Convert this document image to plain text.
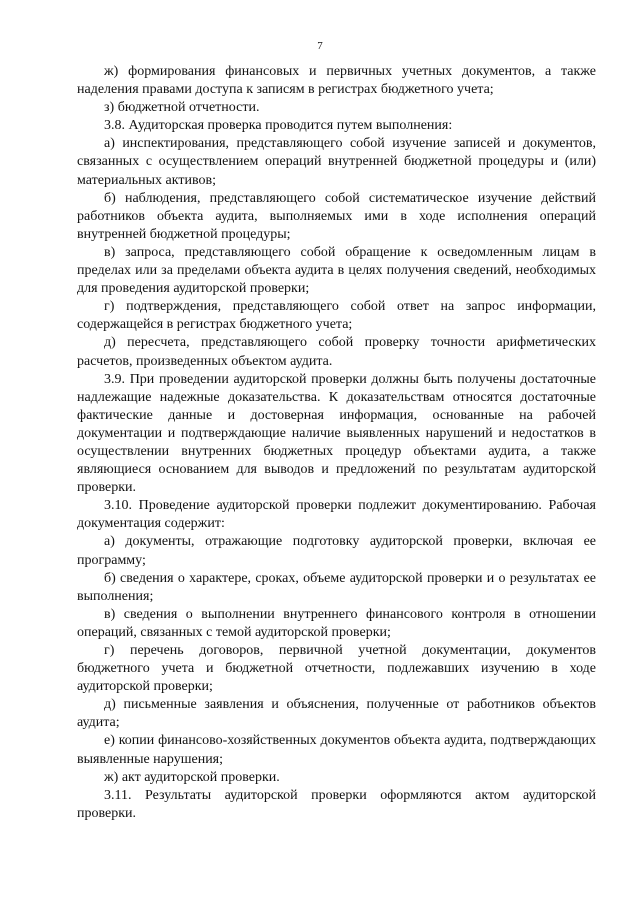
7

ж) формирования финансовых и первичных учетных документов, а также наделения правами доступа к записям в регистрах бюджетного учета;

з) бюджетной отчетности.

3.8. Аудиторская проверка проводится путем выполнения:

а) инспектирования, представляющего собой изучение записей и документов, связанных с осуществлением операций внутренней бюджетной процедуры и (или) материальных активов;

б) наблюдения, представляющего собой систематическое изучение действий работников объекта аудита, выполняемых ими в ходе исполнения операций внутренней бюджетной процедуры;

в) запроса, представляющего собой обращение к осведомленным лицам в пределах или за пределами объекта аудита в целях получения сведений, необходимых для проведения аудиторской проверки;

г) подтверждения, представляющего собой ответ на запрос информации, содержащейся в регистрах бюджетного учета;

д) пересчета, представляющего собой проверку точности арифметических расчетов, произведенных объектом аудита.

3.9. При проведении аудиторской проверки должны быть получены достаточные надлежащие надежные доказательства. К доказательствам относятся достаточные фактические данные и достоверная информация, основанные на рабочей документации и подтверждающие наличие выявленных нарушений и недостатков в осуществлении внутренних бюджетных процедур объектами аудита, а также являющиеся основанием для выводов и предложений по результатам аудиторской проверки.

3.10. Проведение аудиторской проверки подлежит документированию. Рабочая документация содержит:

а) документы, отражающие подготовку аудиторской проверки, включая ее программу;

б) сведения о характере, сроках, объеме аудиторской проверки и о результатах ее выполнения;

в) сведения о выполнении внутреннего финансового контроля в отношении операций, связанных с темой аудиторской проверки;

г) перечень договоров, первичной учетной документации, документов бюджетного учета и бюджетной отчетности, подлежавших изучению в ходе аудиторской проверки;

д) письменные заявления и объяснения, полученные от работников объектов аудита;

е) копии финансово-хозяйственных документов объекта аудита, подтверждающих выявленные нарушения;

ж) акт аудиторской проверки.

3.11. Результаты аудиторской проверки оформляются актом аудиторской проверки.
